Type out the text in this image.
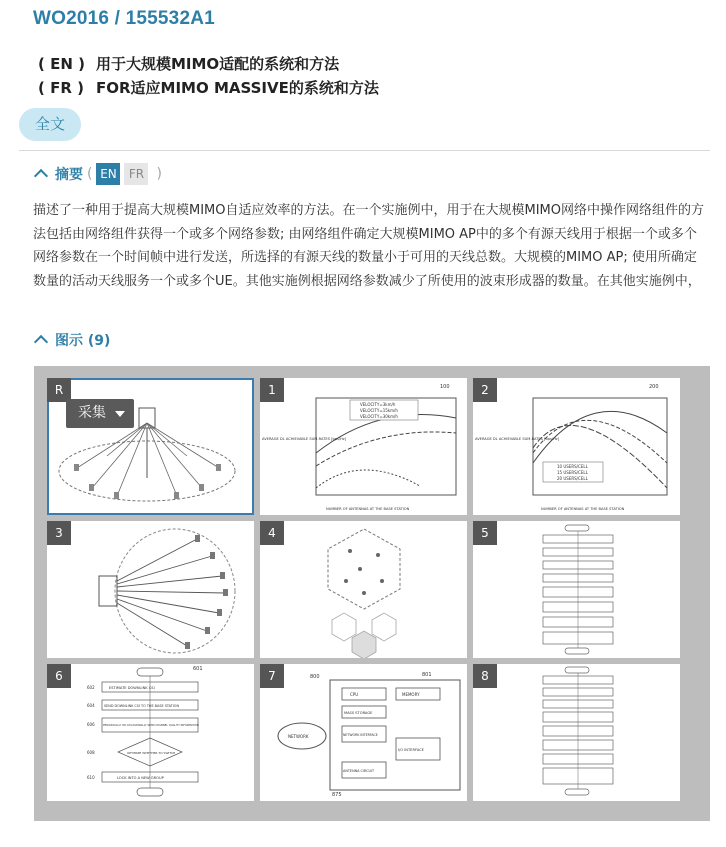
WO2016 / 155532A1
( EN ) 用于大规模MIMO适配的系统和方法
( FR ) FOR适应MIMO MASSIVE的系统和方法
全文
摘要 ( EN	FR )
描述了一种用于提高大规模MIMO自适应效率的方法。在一个实施例中，用于在大规模MIMO网络中操作网络组件的方法包括由网络组件获得一个或多个网络参数; 由网络组件确定大规模MIMO AP中的多个有源天线用于根据一个或多个网络参数在一个时间帧中进行发送，所选择的有源天线的数量小于可用的天线总数。大规模的MIMO AP; 使用所确定数量的活动天线服务一个或多个UE。其他实施例根据网络参数减少了所使用的波束形成器的数量。在其他实施例中，
图示 (9)
R
采集
1
VELOCITY=3km/h
VELOCITY=15km/h
VELOCITY=30km/h
100
AVERAGE DL ACHIEVABLE SUM-RATES [bps/Hz]
NUMBER OF ANTENNAS AT THE BASE STATION
2
10 USERS/CELL
15 USERS/CELL
20 USERS/CELL
200
AVERAGE DL ACHIEVABLE SUM-RATES [bps/Hz]
NUMBER OF ANTENNAS AT THE BASE STATION
3	4	5
6	601
ESTIMATE DOWNLINK CSI
SEND DOWNLINK CSI TO THE BASE STATION
PERIODICALLY OR OCCASIONALLY SEND CHANNEL QUALITY INFORMATION
OPTIMIZE WHETHER TO SWITCH
LOCK INTO A NEW GROUP
602
604
606
608
610
7
CPU	MEMORY
MASS STORAGE
NETWORK INTERFACE
I/O INTERFACE
ANTENNA CIRCUIT
NETWORK
801
800
875
8
